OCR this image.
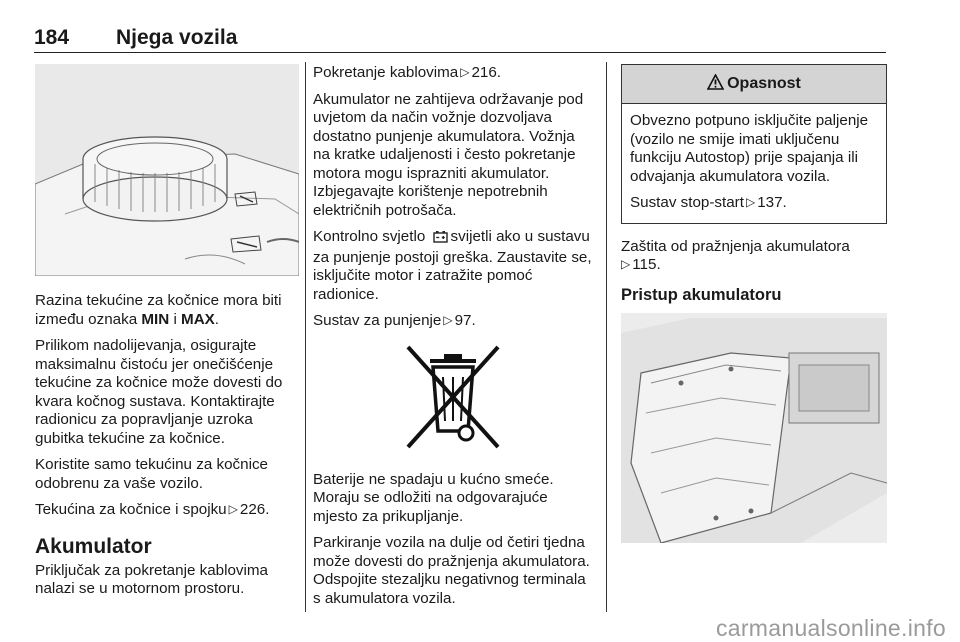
184 Njega vozila

Razina tekućine za kočnice mora biti između oznaka MIN i MAX.

Prilikom nadolijevanja, osigurajte maksimalnu čistoću jer onečišćenje tekućine za kočnice može dovesti do kvara kočnog sustava. Kontaktirajte radionicu za popravljanje uzroka gubitka tekućine za kočnice.

Koristite samo tekućinu za kočnice odobrenu za vaše vozilo.

Tekućina za kočnice i spojku ▷ 226.

Akumulator

Priključak za pokretanje kablovima nalazi se u motornom prostoru.

Pokretanje kablovima ▷ 216.

Akumulator ne zahtijeva održavanje pod uvjetom da način vožnje dozvoljava dostatno punjenje akumulatora. Vožnja na kratke udaljenosti i često pokretanje motora mogu isprazniti akumulator. Izbjegavajte korištenje nepotrebnih električnih potrošača.

Kontrolno svjetlo svijetli ako u sustavu za punjenje postoji greška. Zaustavite se, isključite motor i zatražite pomoć radionice.

Sustav za punjenje ▷ 97.

Baterije ne spadaju u kućno smeće. Moraju se odložiti na odgovarajuće mjesto za prikupljanje.

Parkiranje vozila na dulje od četiri tjedna može dovesti do pražnjenja akumulatora. Odspojite stezaljku negativnog terminala s akumulatora vozila.

Opasnost

Obvezno potpuno isključite paljenje (vozilo ne smije imati uključenu funkciju Autostop) prije spajanja ili odvajanja akumulatora vozila.

Sustav stop-start ▷ 137.

Zaštita od pražnjenja akumulatora
▷ 115.

Pristup akumulatoru
carmanualsonline.info
